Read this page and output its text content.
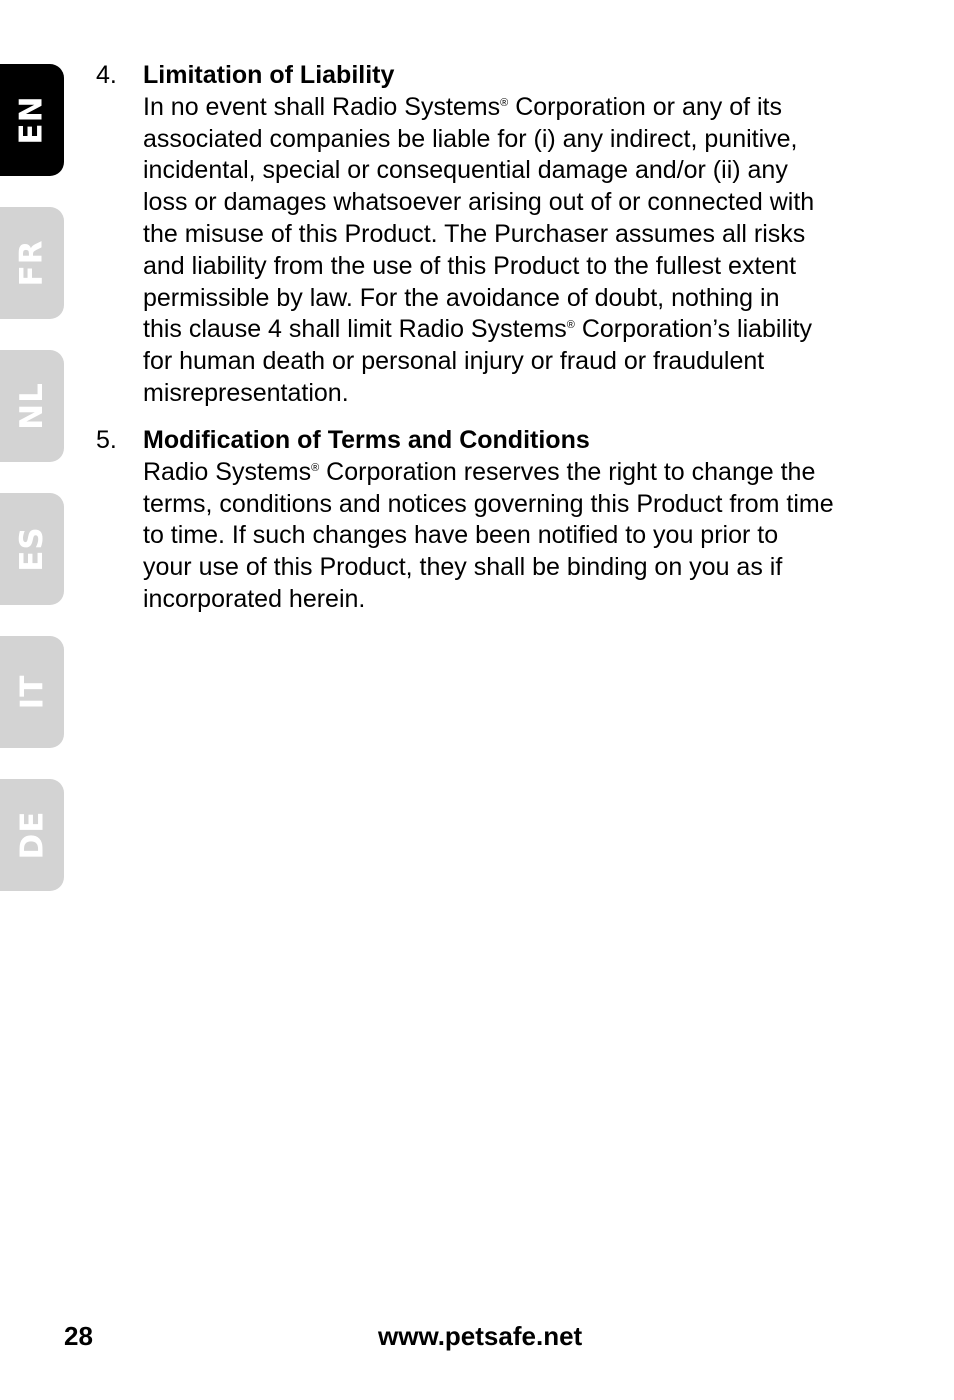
EN
FR
NL
ES
IT
DE
4. Limitation of Liability
In no event shall Radio Systems® Corporation or any of its
associated companies be liable for (i) any indirect, punitive,
incidental, special or consequential damage and/or (ii) any
loss or damages whatsoever arising out of or connected with
the misuse of this Product. The Purchaser assumes all risks
and liability from the use of this Product to the fullest extent
permissible by law. For the avoidance of doubt, nothing in
this clause 4 shall limit Radio Systems® Corporation’s liability
for human death or personal injury or fraud or fraudulent
misrepresentation.
5. Modification of Terms and Conditions
Radio Systems® Corporation reserves the right to change the
terms, conditions and notices governing this Product from time
to time. If such changes have been notified to you prior to
your use of this Product, they shall be binding on you as if
incorporated herein.
28	www.petsafe.net
